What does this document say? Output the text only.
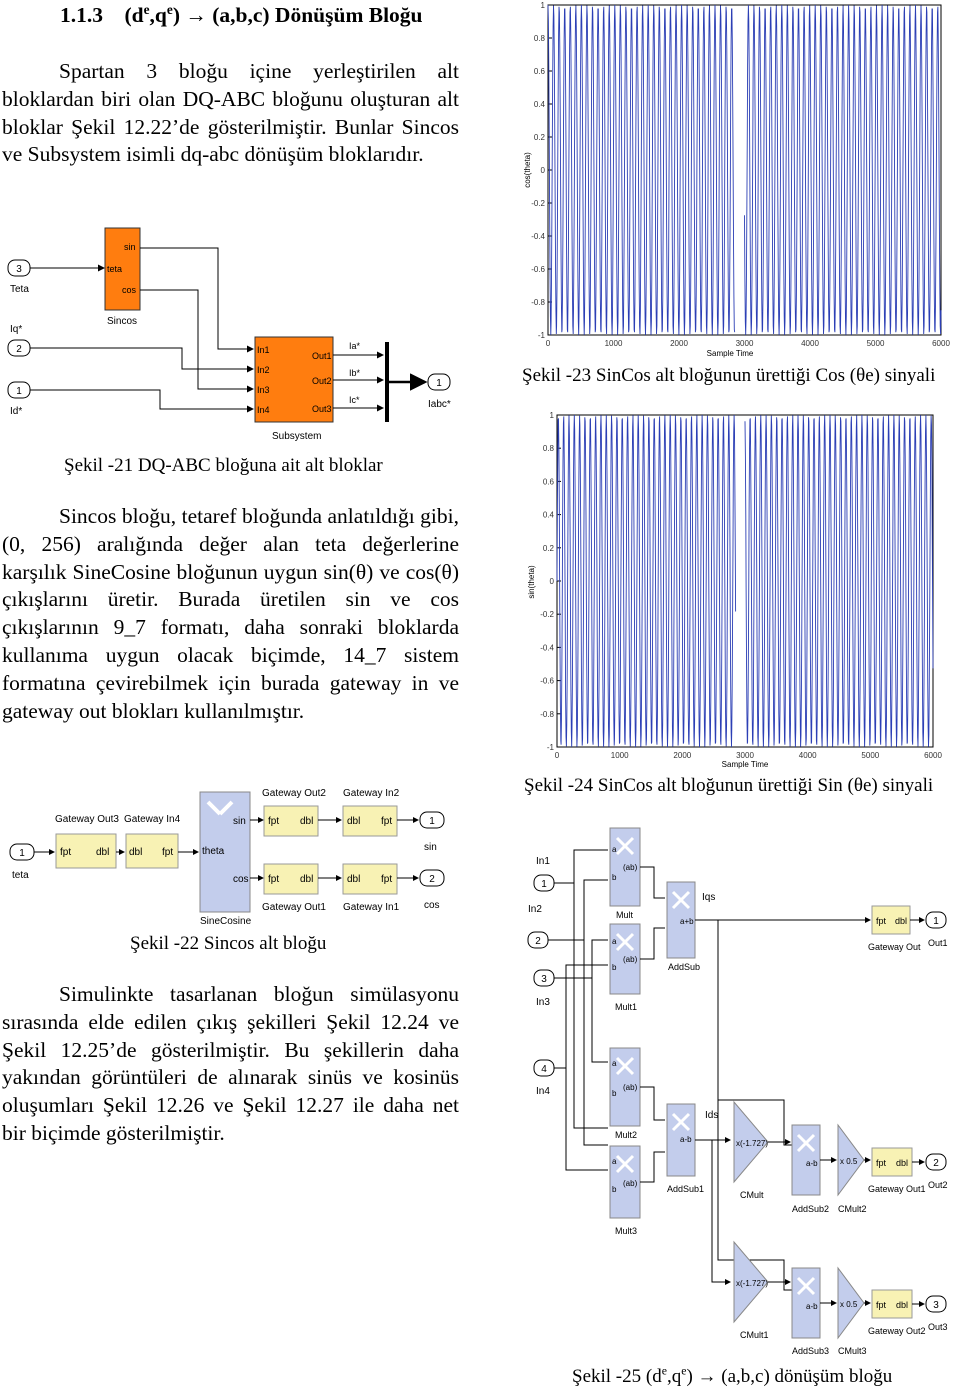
1.1.3    $(d^e,q^e) \to (a,b,c)$ Dönüşüm Bloğu
Spartan 3 bloğu içine yerleştirilen alt bloklardan biri olan DQ-ABC bloğunu oluşturan alt bloklar Şekil 12.22’de gösterilmiştir. Bunlar Sincos ve Subsystem isimli dq-abc dönüşüm bloklarıdır.
3
Teta
sin
teta
cos
Sincos
Iq*
2
1
Id*
In1
In2
In3
In4
Out1
Out2
Out3
Subsystem
Ia*
Ib*
Ic*
1
Iabc*
Şekil -21 DQ-ABC bloğuna ait alt bloklar
Sincos bloğu, tetaref bloğunda anlatıldığı gibi, (0, 256) aralığında değer alan teta değerlerine karşılık SineCosine bloğunun uygun sin(θ) ve cos(θ) çıkışlarını üretir. Burada üretilen sin ve cos çıkışlarının 9_7 formatı, daha sonraki bloklarda kullanıma uygun olacak biçimde, 14_7 sistem formatına çevirebilmek için burada gateway in ve gateway out blokları kullanılmıştır.
1
teta
Gateway Out3
fpt dbl
Gateway In4
dbl fpt	theta
sin
cos
SineCosine
Gateway Out2
fpt dbl
fpt dbl
Gateway Out1
Gateway In2
dbl fpt
dbl fpt
Gateway In1
1
sin
2
cos
Şekil -22 Sincos alt bloğu
Simulinkte tasarlanan bloğun simülasyonu sırasında elde edilen çıkış şekilleri Şekil 12.24 ve Şekil 12.25’de gösterilmiştir. Bu şekillerin daha yakından görüntüleri de alınarak sinüs ve kosinüs oluşumları Şekil 12.26 ve Şekil 12.27 ile daha net bir biçimde gösterilmiştir.
1
0.8
0.6
0.4
0.2
0
-0.2
-0.4
-0.6
-0.8
-1
0	1000	2000	3000	4000	5000	6000
Sample Time
cos(theta)
Şekil -23 SinCos alt bloğunun ürettiği Cos (θe) sinyali
1
0.8
0.6
0.4
0.2
0
-0.2
-0.4
-0.6
-0.8
-1
0	1000	2000	3000	4000	5000	6000
Sample Time
sin(theta)
Şekil -24 SinCos alt bloğunun ürettiği Sin (θe) sinyali
In1
1
In2
2
3
In3
4
In4
a
b
(ab)
Mult
a
b
(ab)
Mult1
a
b
(ab)
Mult2
a
b
(ab)
Mult3
a+b
AddSub
a-b
AddSub1
Iqs
Ids
x(-1.727)
CMult
x(-1.727)
CMult1
a-b
AddSub2
a-b
AddSub3
x 0.5
CMult2
x 0.5
CMult3
fpt dbl
Gateway Out
fpt dbl
Gateway Out1
fpt dbl
Gateway Out2
1
Out1
2
Out2
3
Out3
Şekil -25 $(d^e,q^e) \to (a,b,c)$ dönüşüm bloğu
